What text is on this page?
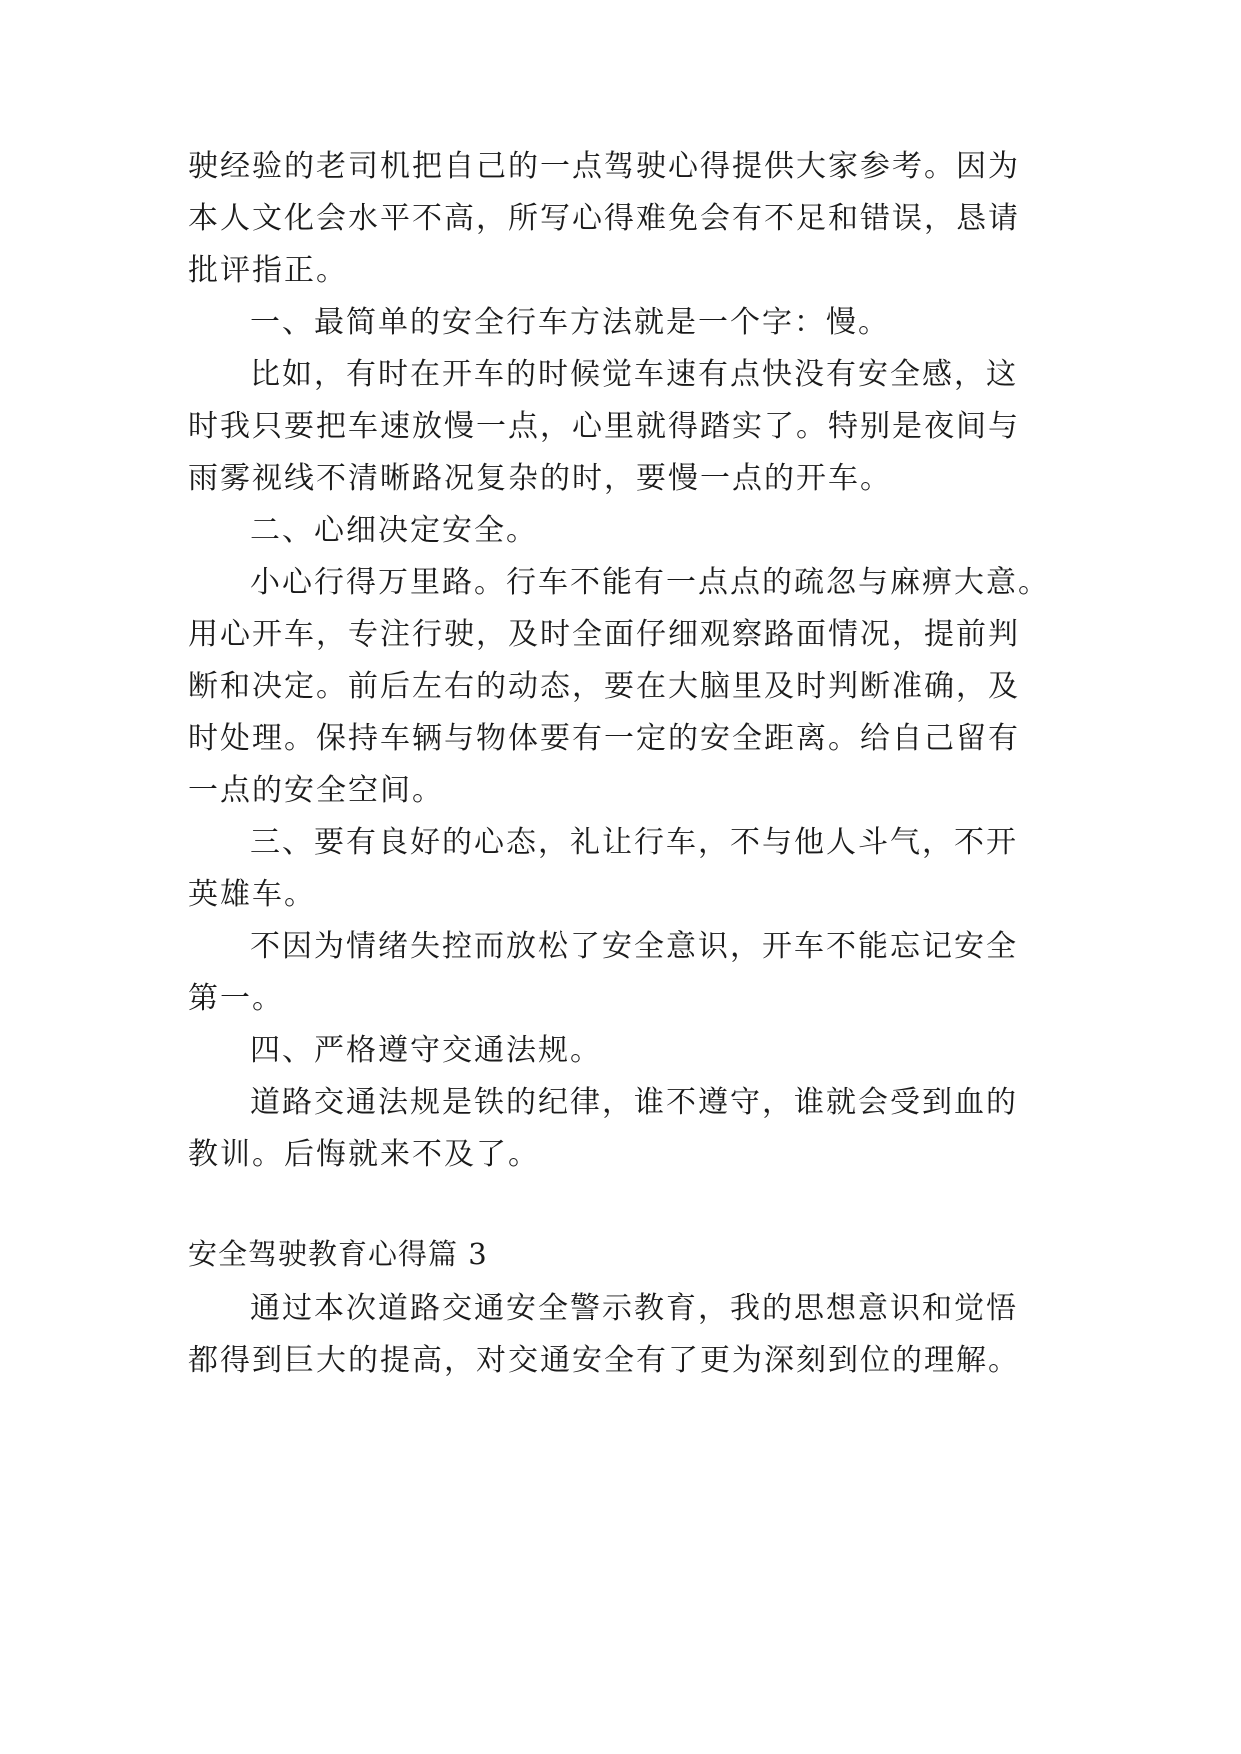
驶经验的老司机把自己的一点驾驶心得提供大家参考。因为
本人文化会水平不高，所写心得难免会有不足和错误，恳请
批评指正。
一、最简单的安全行车方法就是一个字：慢。
比如，有时在开车的时候觉车速有点快没有安全感，这
时我只要把车速放慢一点，心里就得踏实了。特别是夜间与
雨雾视线不清晰路况复杂的时，要慢一点的开车。
二、心细决定安全。
小心行得万里路。行车不能有一点点的疏忽与麻痹大意。
用心开车，专注行驶，及时全面仔细观察路面情况，提前判
断和决定。前后左右的动态，要在大脑里及时判断准确，及
时处理。保持车辆与物体要有一定的安全距离。给自己留有
一点的安全空间。
三、要有良好的心态，礼让行车，不与他人斗气，不开
英雄车。
不因为情绪失控而放松了安全意识，开车不能忘记安全
第一。
四、严格遵守交通法规。
道路交通法规是铁的纪律，谁不遵守，谁就会受到血的
教训。后悔就来不及了。
安全驾驶教育心得篇 3
通过本次道路交通安全警示教育，我的思想意识和觉悟
都得到巨大的提高，对交通安全有了更为深刻到位的理解。
